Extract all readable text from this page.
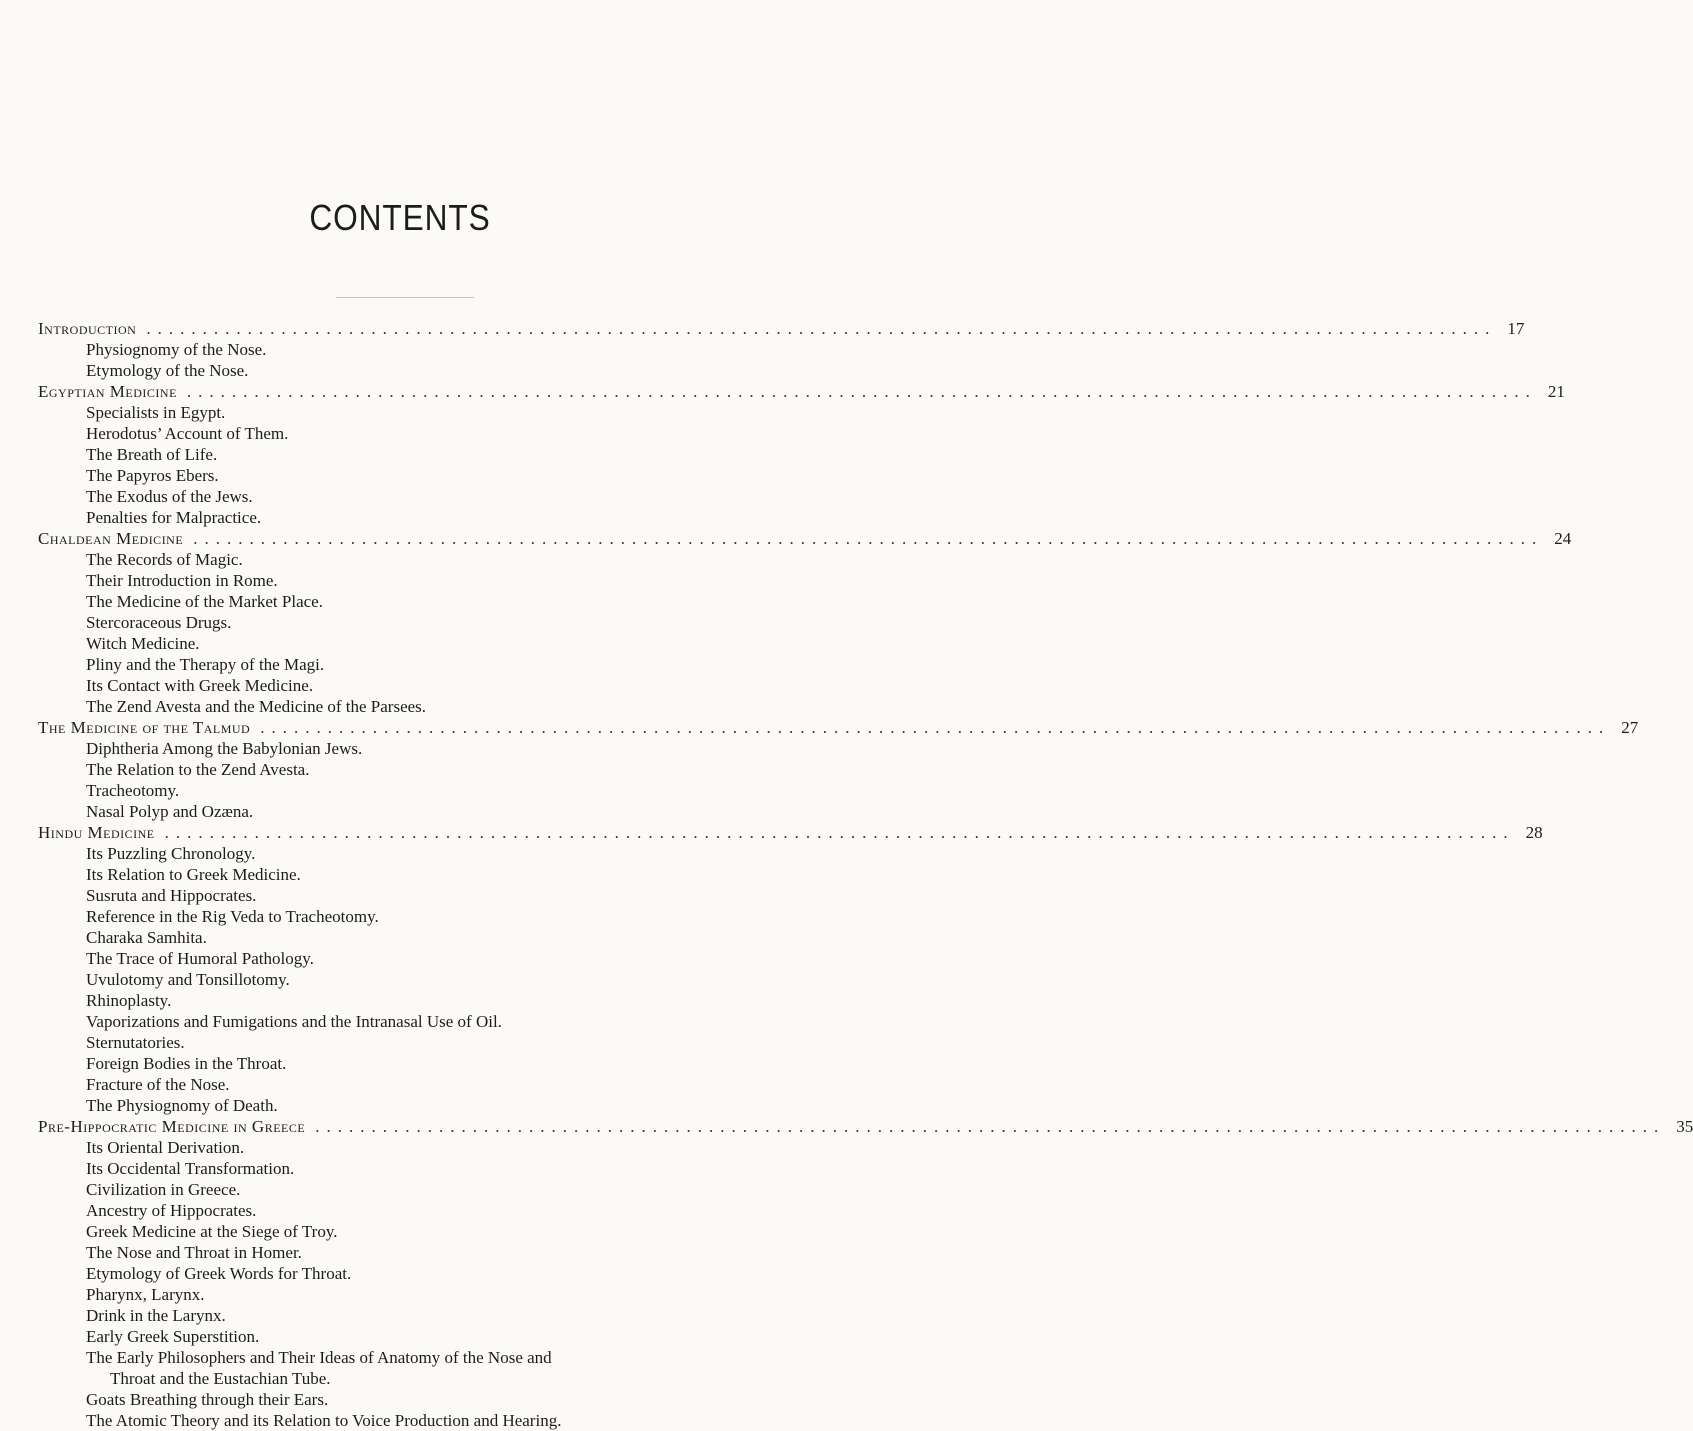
CONTENTS
Introduction ........................................................................................................................ 17
Physiognomy of the Nose.
Etymology of the Nose.
Egyptian Medicine ........................................................................................................................ 21
Specialists in Egypt.
Herodotus’ Account of Them.
The Breath of Life.
The Papyros Ebers.
The Exodus of the Jews.
Penalties for Malpractice.
Chaldean Medicine ........................................................................................................................ 24
The Records of Magic.
Their Introduction in Rome.
The Medicine of the Market Place.
Stercoraceous Drugs.
Witch Medicine.
Pliny and the Therapy of the Magi.
Its Contact with Greek Medicine.
The Zend Avesta and the Medicine of the Parsees.
The Medicine of the Talmud ........................................................................................................................ 27
Diphtheria Among the Babylonian Jews.
The Relation to the Zend Avesta.
Tracheotomy.
Nasal Polyp and Ozæna.
Hindu Medicine ........................................................................................................................ 28
Its Puzzling Chronology.
Its Relation to Greek Medicine.
Susruta and Hippocrates.
Reference in the Rig Veda to Tracheotomy.
Charaka Samhita.
The Trace of Humoral Pathology.
Uvulotomy and Tonsillotomy.
Rhinoplasty.
Vaporizations and Fumigations and the Intranasal Use of Oil.
Sternutatories.
Foreign Bodies in the Throat.
Fracture of the Nose.
The Physiognomy of Death.
Pre-Hippocratic Medicine in Greece ........................................................................................................................ 35
Its Oriental Derivation.
Its Occidental Transformation.
Civilization in Greece.
Ancestry of Hippocrates.
Greek Medicine at the Siege of Troy.
The Nose and Throat in Homer.
Etymology of Greek Words for Throat.
Pharynx, Larynx.
Drink in the Larynx.
Early Greek Superstition.
The Early Philosophers and Their Ideas of Anatomy of the Nose and
Throat and the Eustachian Tube.
Goats Breathing through their Ears.
The Atomic Theory and its Relation to Voice Production and Hearing.
